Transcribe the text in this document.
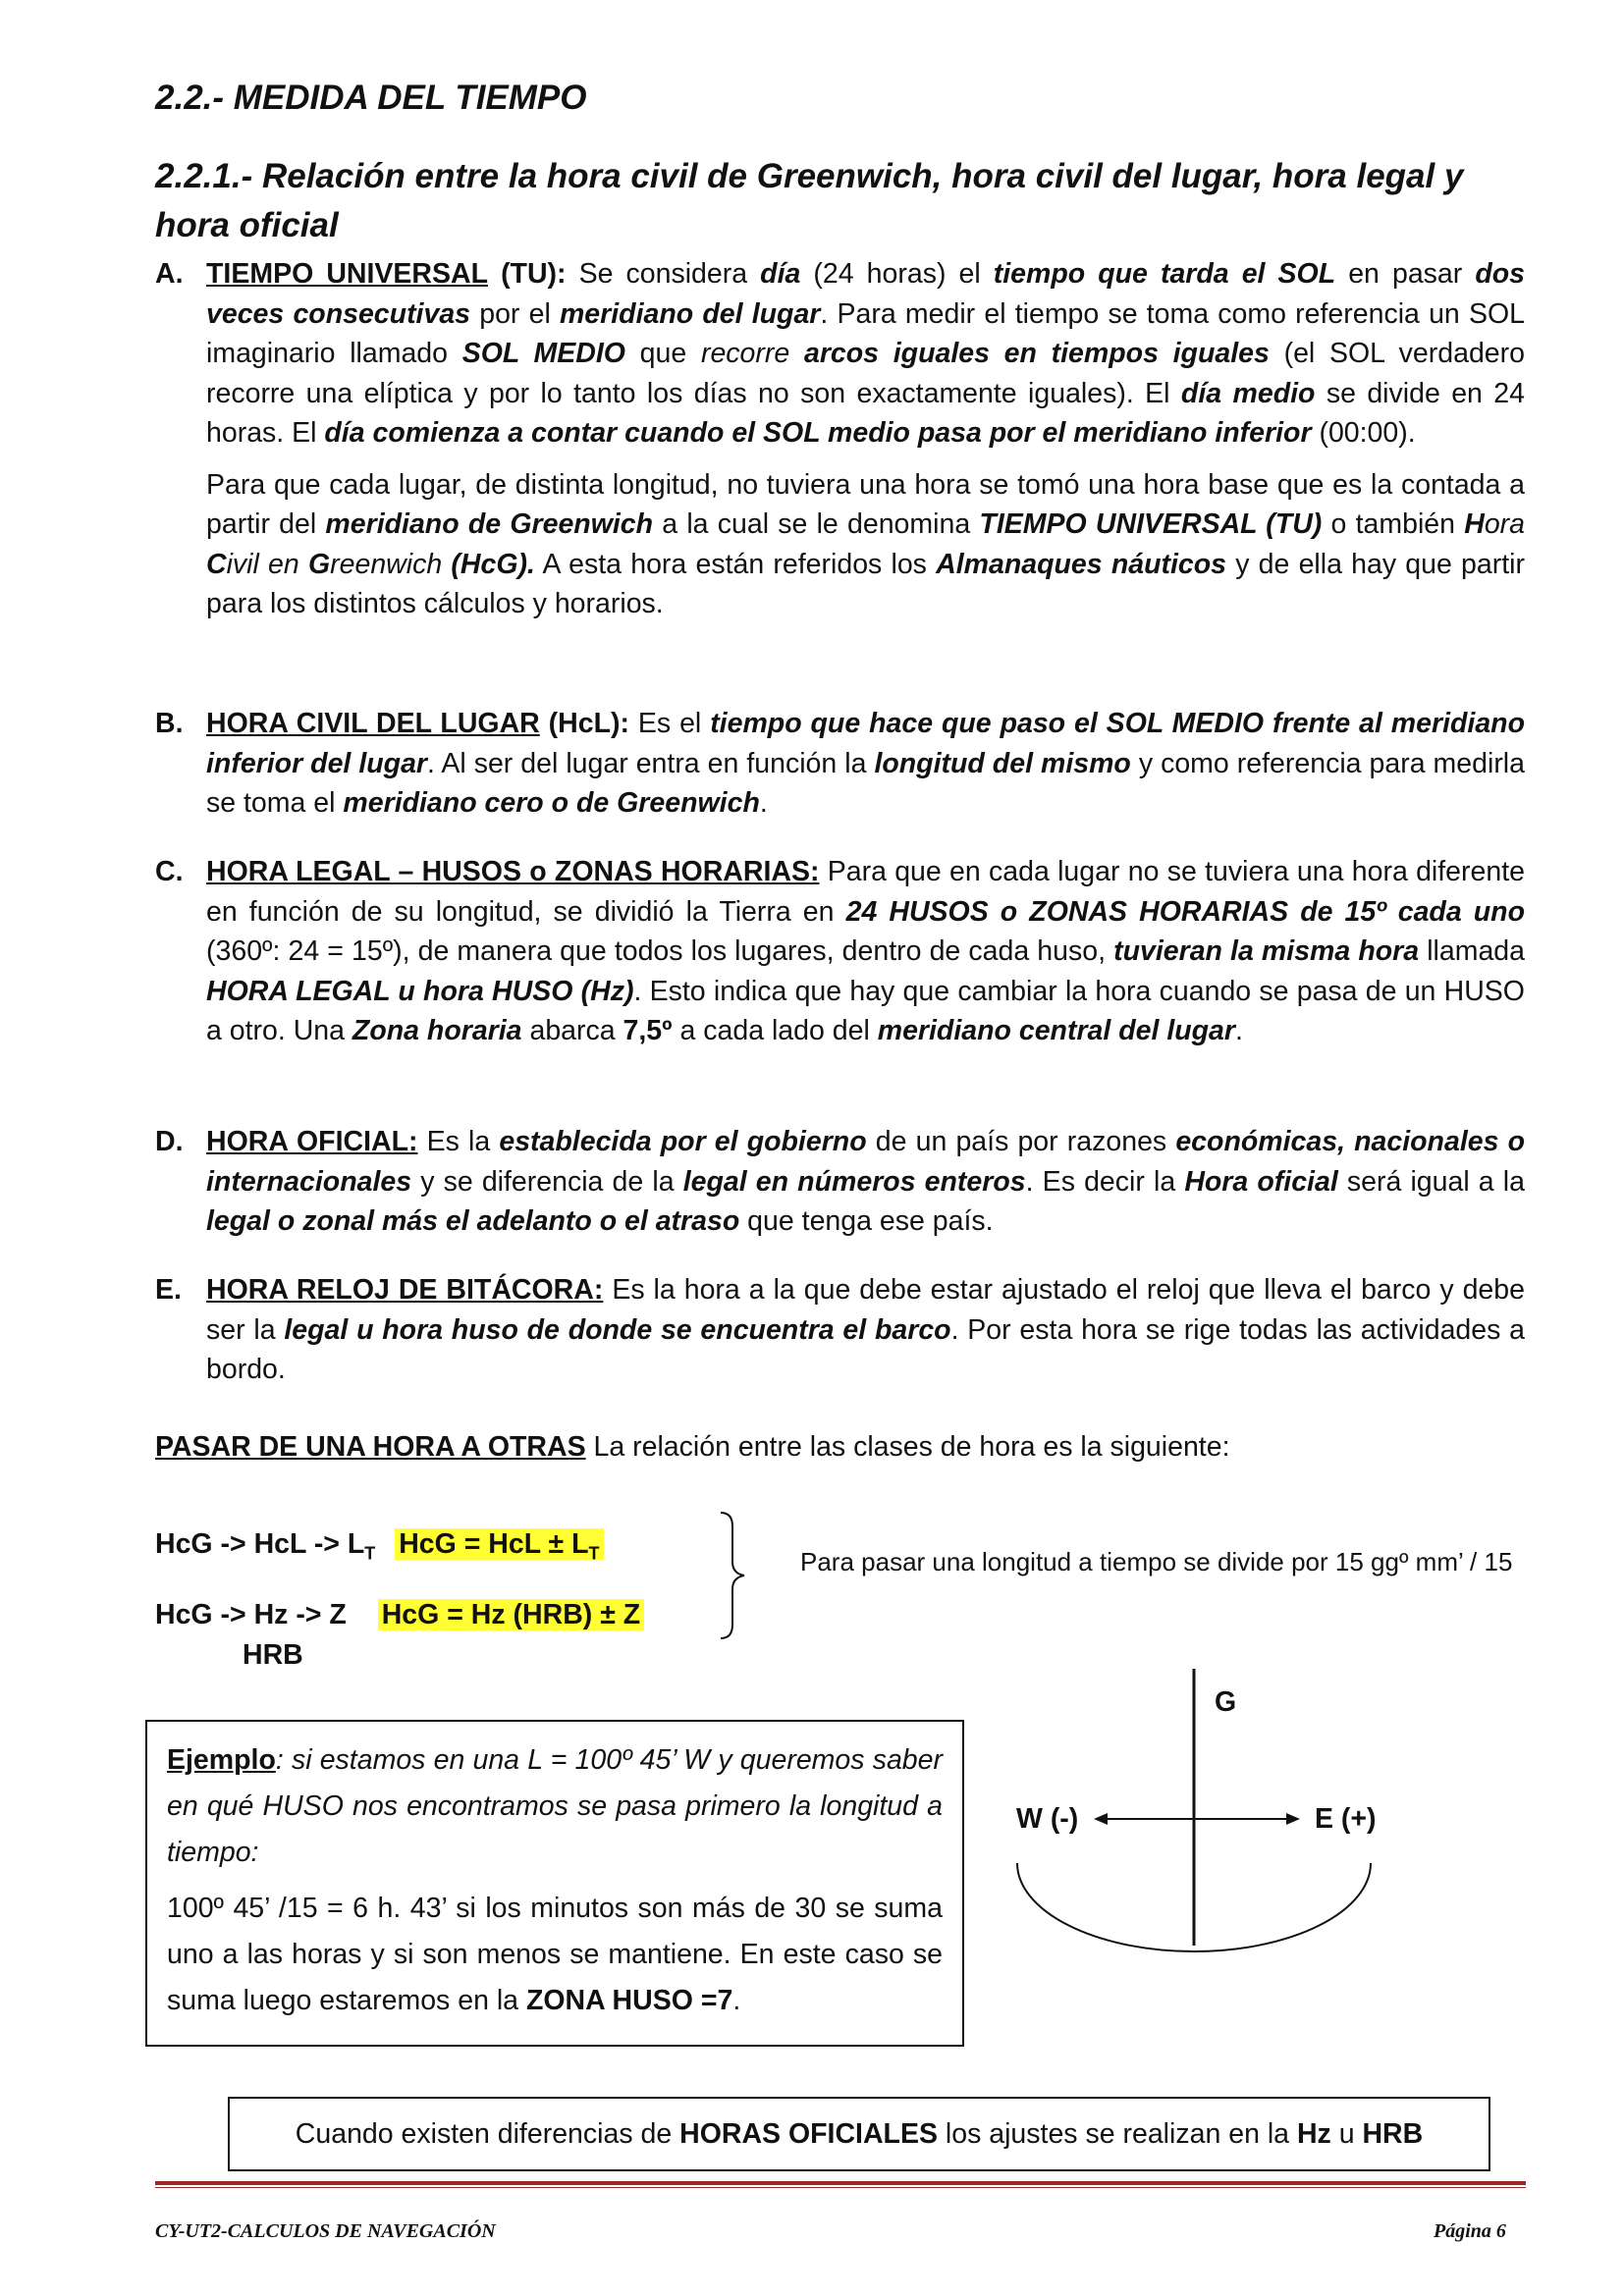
2.2.- MEDIDA DEL TIEMPO
2.2.1.- Relación entre la hora civil de Greenwich, hora civil del lugar, hora legal y hora oficial
A. TIEMPO UNIVERSAL (TU): Se considera día (24 horas) el tiempo que tarda el SOL en pasar dos veces consecutivas por el meridiano del lugar. Para medir el tiempo se toma como referencia un SOL imaginario llamado SOL MEDIO que recorre arcos iguales en tiempos iguales (el SOL verdadero recorre una elíptica y por lo tanto los días no son exactamente iguales). El día medio se divide en 24 horas. El día comienza a contar cuando el SOL medio pasa por el meridiano inferior (00:00).

Para que cada lugar, de distinta longitud, no tuviera una hora se tomó una hora base que es la contada a partir del meridiano de Greenwich a la cual se le denomina TIEMPO UNIVERSAL (TU) o también Hora Civil en Greenwich (HcG). A esta hora están referidos los Almanaques náuticos y de ella hay que partir para los distintos cálculos y horarios.

B. HORA CIVIL DEL LUGAR (HcL): Es el tiempo que hace que paso el SOL MEDIO frente al meridiano inferior del lugar. Al ser del lugar entra en función la longitud del mismo y como referencia para medirla se toma el meridiano cero o de Greenwich.

C. HORA LEGAL – HUSOS o ZONAS HORARIAS: Para que en cada lugar no se tuviera una hora diferente en función de su longitud, se dividió la Tierra en 24 HUSOS o ZONAS HORARIAS de 15º cada uno (360º: 24 = 15º), de manera que todos los lugares, dentro de cada huso, tuvieran la misma hora llamada HORA LEGAL u hora HUSO (Hz). Esto indica que hay que cambiar la hora cuando se pasa de un HUSO a otro. Una Zona horaria abarca 7,5º a cada lado del meridiano central del lugar.

D. HORA OFICIAL: Es la establecida por el gobierno de un país por razones económicas, nacionales o internacionales y se diferencia de la legal en números enteros. Es decir la Hora oficial será igual a la legal o zonal más el adelanto o el atraso que tenga ese país.

E. HORA RELOJ DE BITÁCORA: Es la hora a la que debe estar ajustado el reloj que lleva el barco y debe ser la legal u hora huso de donde se encuentra el barco. Por esta hora se rige todas las actividades a bordo.

PASAR DE UNA HORA A OTRAS La relación entre las clases de hora es la siguiente:
HcG -> HcL -> $L_T$ HcG = HcL ± $L_T$
HcG -> Hz -> Z HcG = Hz (HRB) ± Z
HRB
Para pasar una longitud a tiempo se divide por 15 ggº mm’ / 15

Ejemplo: si estamos en una L = 100º 45’ W y queremos saber en qué HUSO nos encontramos se pasa primero la longitud a tiempo:

100º 45’ /15 = 6 h. 43’ si los minutos son más de 30 se suma uno a las horas y si son menos se mantiene. En este caso se suma luego estaremos en la ZONA HUSO =7.

G
W (-)	E (+)
Cuando existen diferencias de HORAS OFICIALES los ajustes se realizan en la Hz u HRB
CY-UT2-CALCULOS DE NAVEGACIÓN	Página 6
